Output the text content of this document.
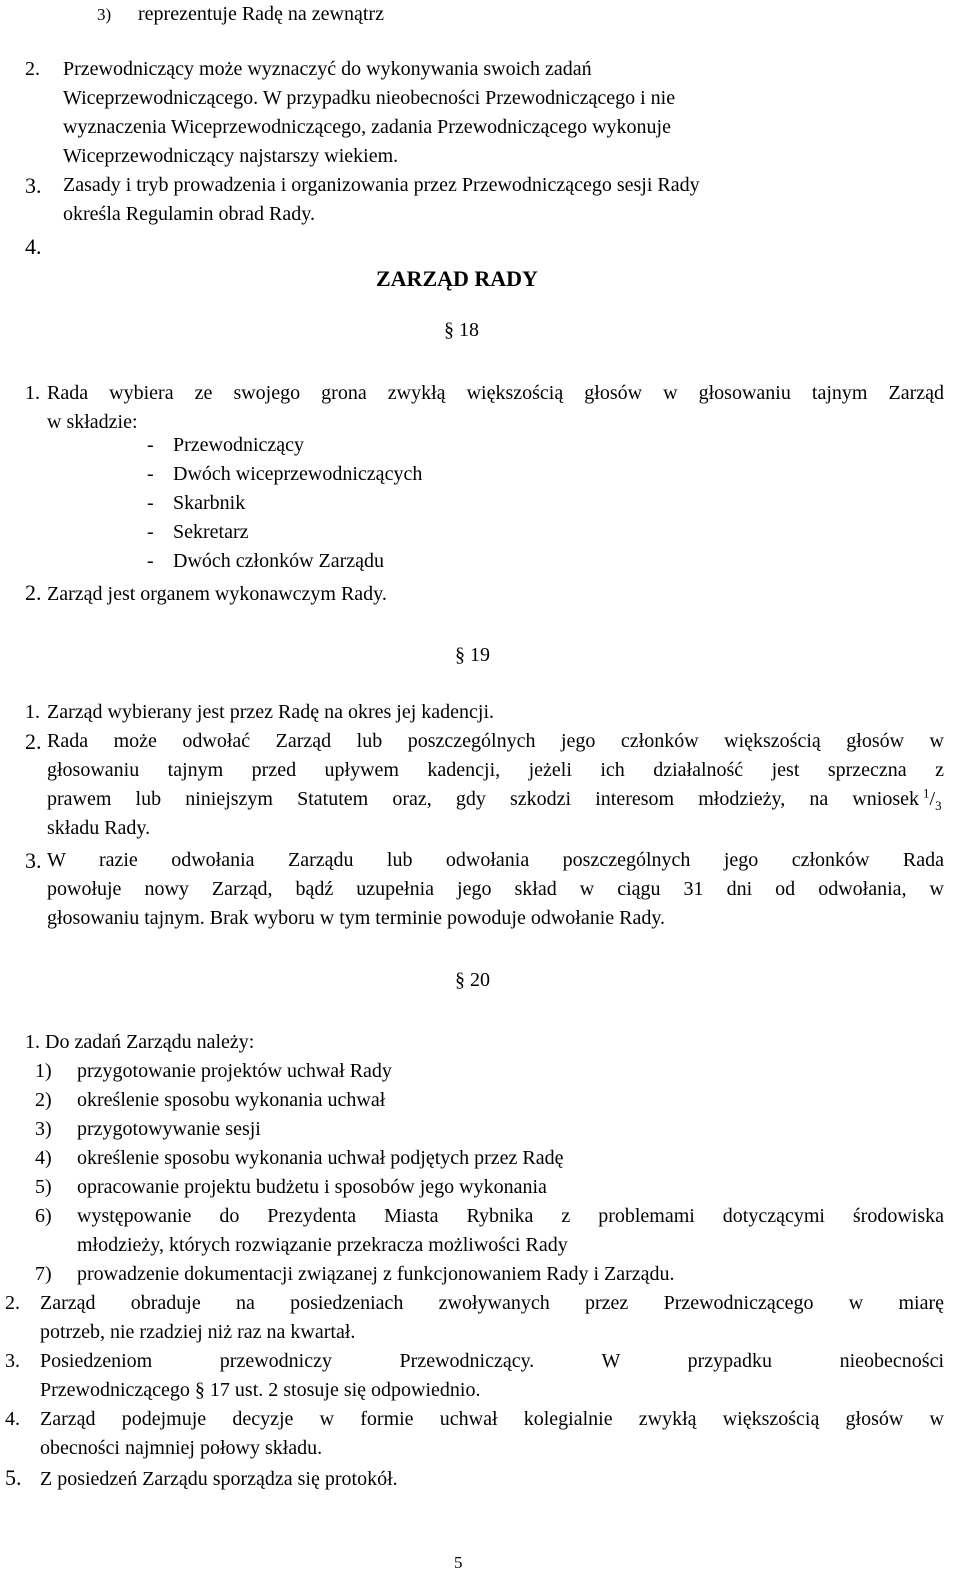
3) reprezentuje Radę na zewnątrz
2. Przewodniczący może wyznaczyć do wykonywania swoich zadań
Wiceprzewodniczącego. W przypadku nieobecności Przewodniczącego i nie
wyznaczenia Wiceprzewodniczącego, zadania Przewodniczącego wykonuje
Wiceprzewodniczący najstarszy wiekiem.
3. Zasady i tryb prowadzenia i organizowania przez Przewodniczącego sesji Rady
określa Regulamin obrad Rady.
4.
ZARZĄD RADY
§ 18
1. Rada wybiera ze swojego grona zwykłą większością głosów w głosowaniu tajnym Zarząd
w składzie:
- Przewodniczący
- Dwóch wiceprzewodniczących
- Skarbnik
- Sekretarz
- Dwóch członków Zarządu
2. Zarząd jest organem wykonawczym Rady.
§ 19
1. Zarząd wybierany jest przez Radę na okres jej kadencji.
2. Rada może odwołać Zarząd lub poszczególnych jego członków większością głosów w
głosowaniu tajnym przed upływem kadencji, jeżeli ich działalność jest sprzeczna z
prawem lub niniejszym Statutem oraz, gdy szkodzi interesom młodzieży, na wniosek $^1/_3$
składu Rady.
3. W razie odwołania Zarządu lub odwołania poszczególnych jego członków Rada
powołuje nowy Zarząd, bądź uzupełnia jego skład w ciągu 31 dni od odwołania, w
głosowaniu tajnym. Brak wyboru w tym terminie powoduje odwołanie Rady.
§ 20
1. Do zadań Zarządu należy:
1) przygotowanie projektów uchwał Rady
2) określenie sposobu wykonania uchwał
3) przygotowywanie sesji
4) określenie sposobu wykonania uchwał podjętych przez Radę
5) opracowanie projektu budżetu i sposobów jego wykonania
6) występowanie do Prezydenta Miasta Rybnika z problemami dotyczącymi środowiska
młodzieży, których rozwiązanie przekracza możliwości Rady
7) prowadzenie dokumentacji związanej z funkcjonowaniem Rady i Zarządu.
2. Zarząd obraduje na posiedzeniach zwoływanych przez Przewodniczącego w miarę
potrzeb, nie rzadziej niż raz na kwartał.
3. Posiedzeniom przewodniczy Przewodniczący. W przypadku nieobecności
Przewodniczącego § 17 ust. 2 stosuje się odpowiednio.
4. Zarząd podejmuje decyzje w formie uchwał kolegialnie zwykłą większością głosów w
obecności najmniej połowy składu.
5. Z posiedzeń Zarządu sporządza się protokół.
5
